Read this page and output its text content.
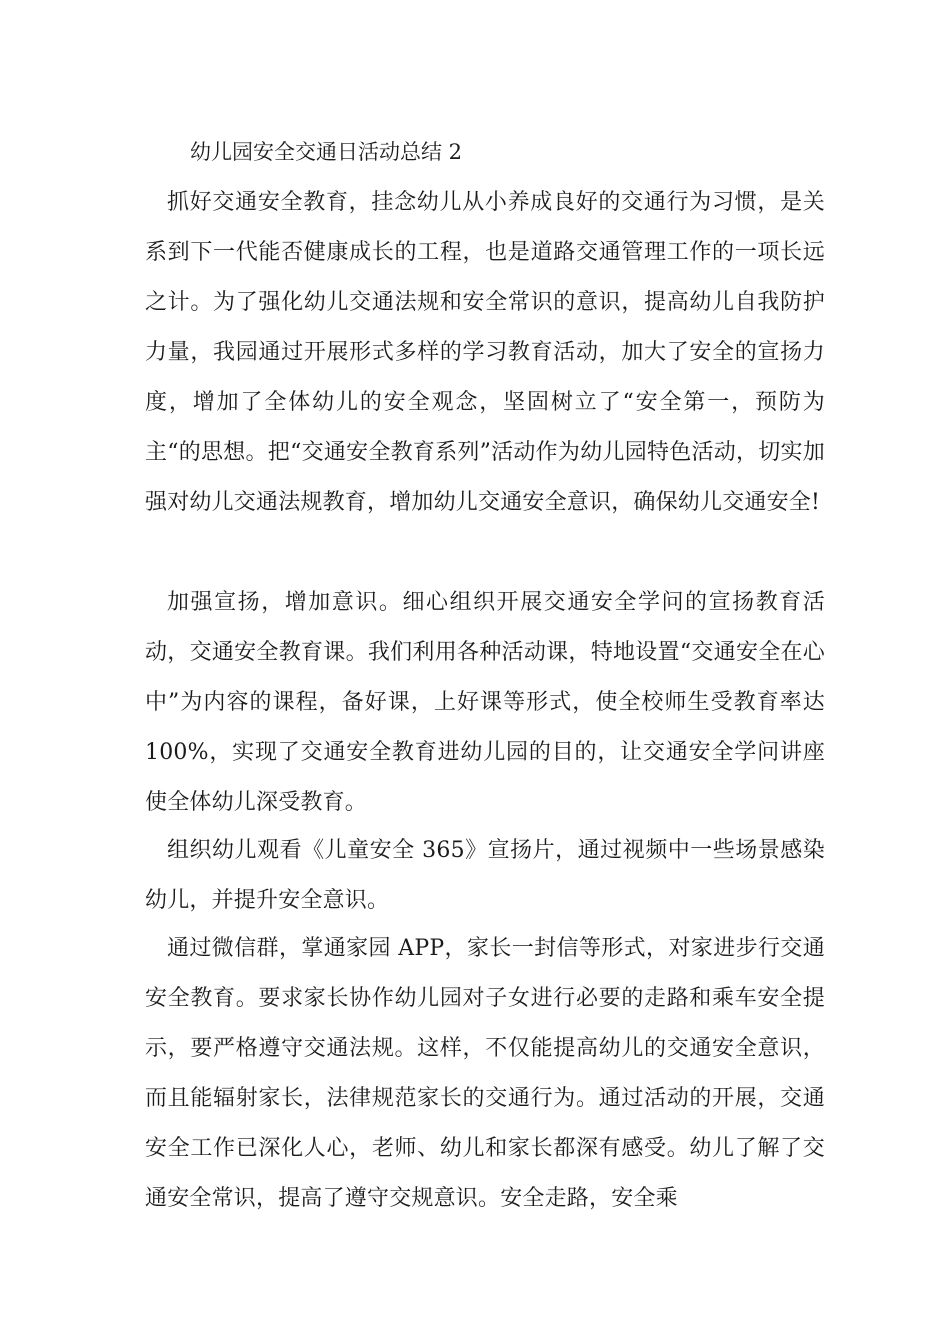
幼儿园安全交通日活动总结 2

抓好交通安全教育，挂念幼儿从小养成良好的交通行为习惯，是关系到下一代能否健康成长的工程，也是道路交通管理工作的一项长远之计。为了强化幼儿交通法规和安全常识的意识，提高幼儿自我防护力量，我园通过开展形式多样的学习教育活动，加大了安全的宣扬力度，增加了全体幼儿的安全观念，坚固树立了“安全第一，预防为主“的思想。把“交通安全教育系列”活动作为幼儿园特色活动，切实加强对幼儿交通法规教育，增加幼儿交通安全意识，确保幼儿交通安全!

加强宣扬，增加意识。细心组织开展交通安全学问的宣扬教育活动，交通安全教育课。我们利用各种活动课，特地设置“交通安全在心中”为内容的课程，备好课，上好课等形式，使全校师生受教育率达 100%，实现了交通安全教育进幼儿园的目的，让交通安全学问讲座使全体幼儿深受教育。

组织幼儿观看《儿童安全 365》宣扬片，通过视频中一些场景感染幼儿，并提升安全意识。

通过微信群，掌通家园 APP，家长一封信等形式，对家进步行交通安全教育。要求家长协作幼儿园对子女进行必要的走路和乘车安全提示，要严格遵守交通法规。这样，不仅能提高幼儿的交通安全意识，而且能辐射家长，法律规范家长的交通行为。通过活动的开展，交通安全工作已深化人心，老师、幼儿和家长都深有感受。幼儿了解了交通安全常识，提高了遵守交规意识。安全走路，安全乘
